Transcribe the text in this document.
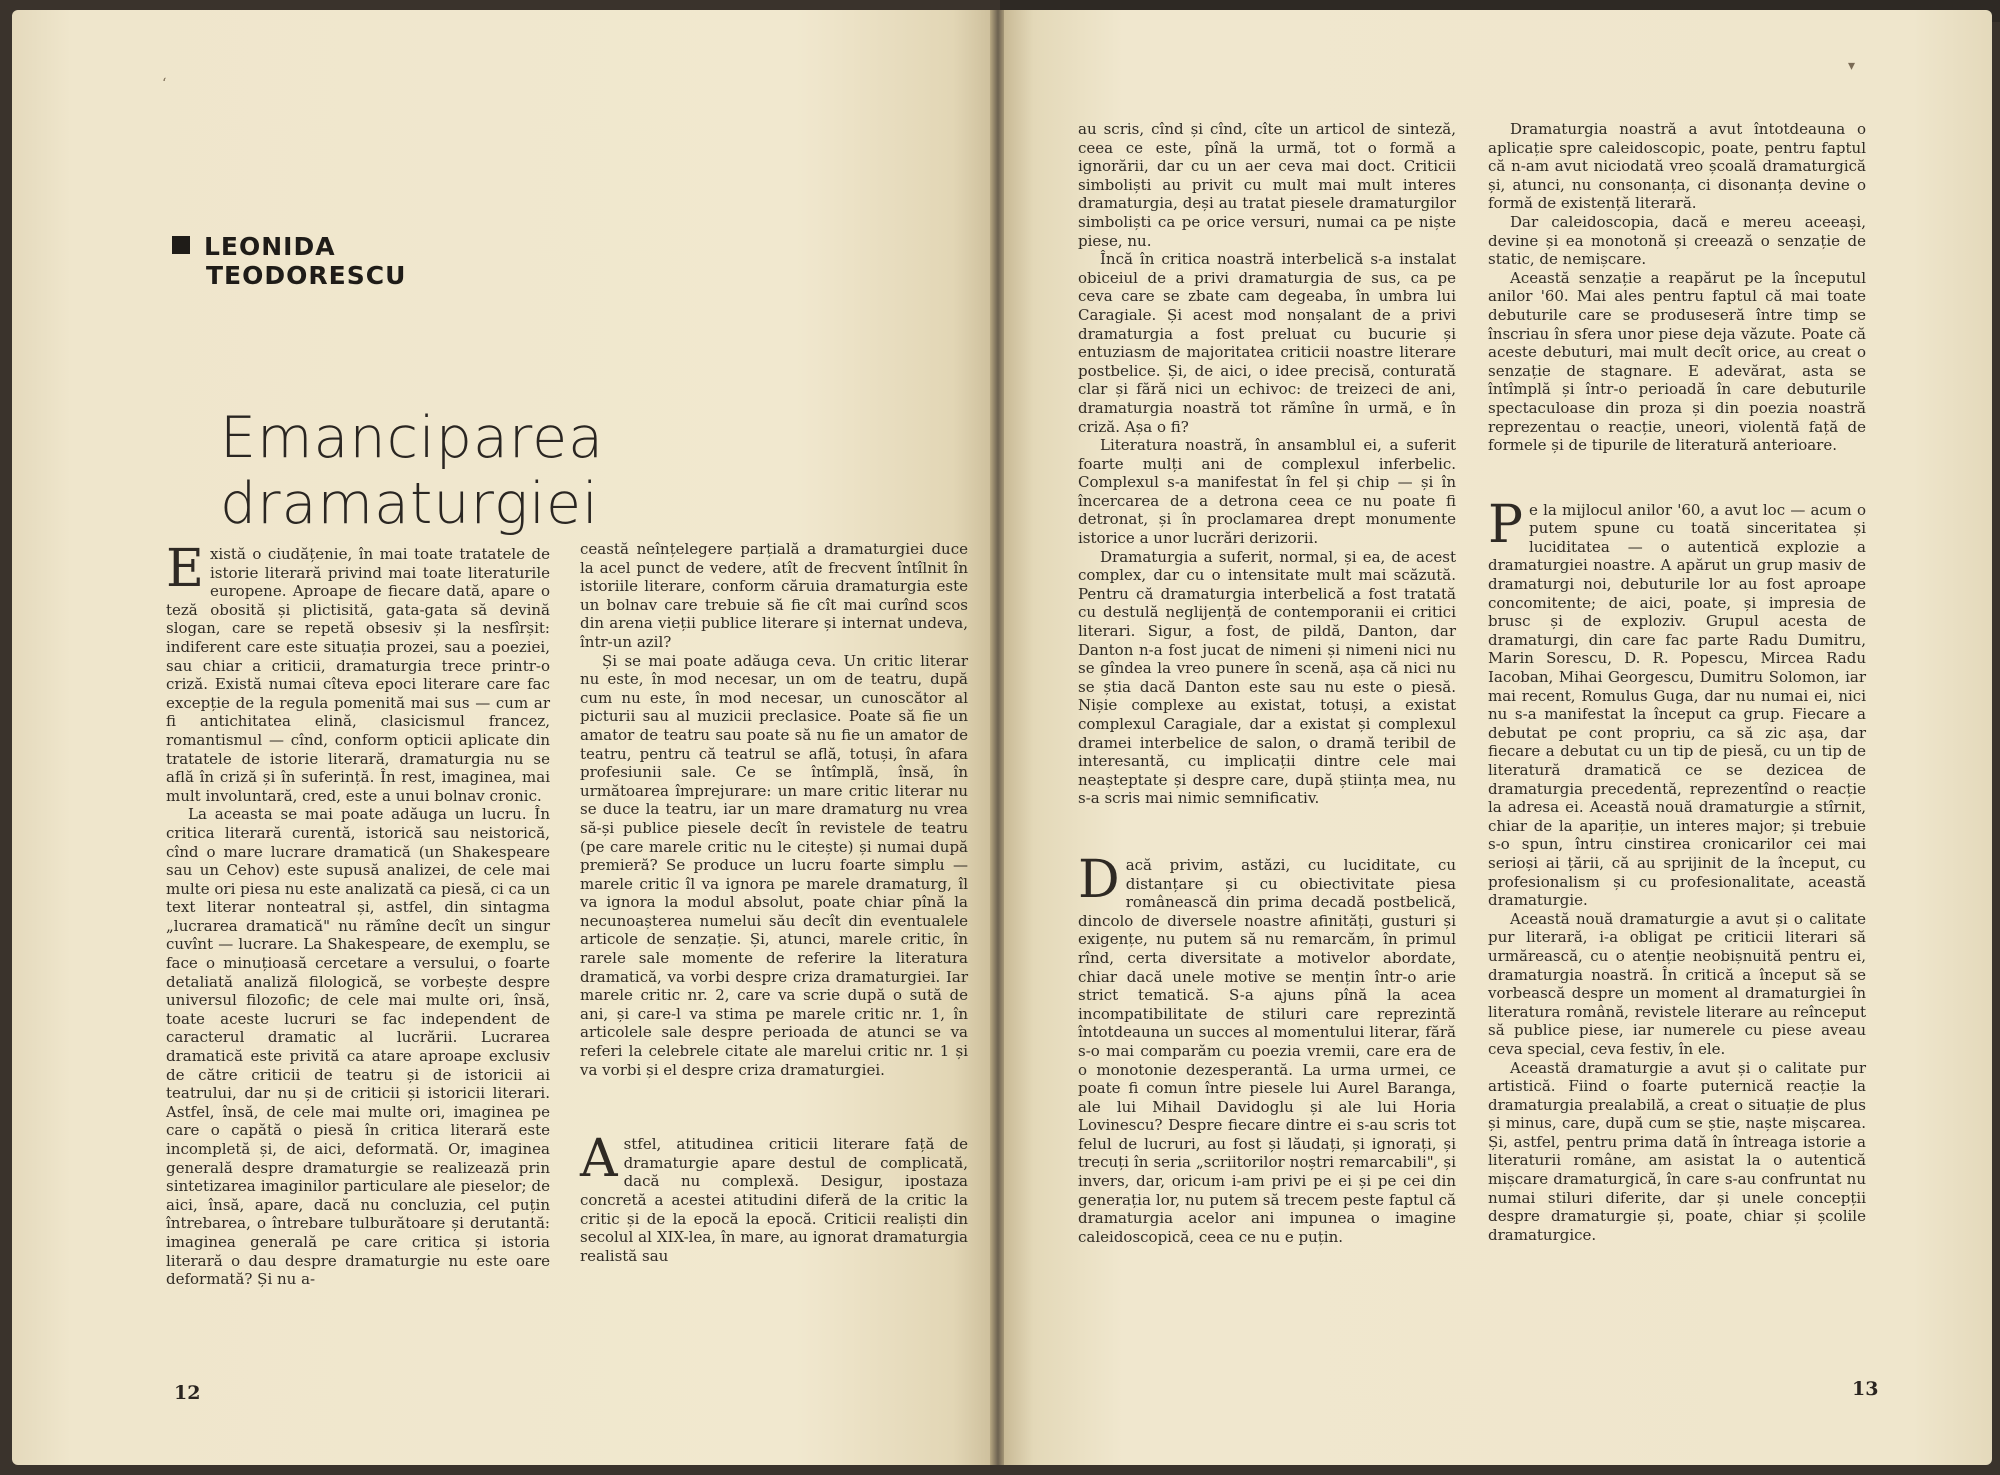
‘
LEONIDA
TEODORESCU
Emanciparea dramaturgiei

Există o ciudățenie, în mai toate tratatele de istorie literară privind mai toate literaturile europene. Aproape de fiecare dată, apare o teză obosită și plictisită, gata-gata să devină slogan, care se repetă obsesiv și la nesfîrșit: indiferent care este situația prozei, sau a poeziei, sau chiar a criticii, dramaturgia trece printr-o criză. Există numai cîteva epoci literare care fac excepție de la regula pomenită mai sus — cum ar fi antichitatea elină, clasicismul francez, romantismul — cînd, conform opticii aplicate din tratatele de istorie literară, dramaturgia nu se află în criză și în suferință. În rest, imaginea, mai mult involuntară, cred, este a unui bolnav cronic.

La aceasta se mai poate adăuga un lucru. În critica literară curentă, istorică sau neistorică, cînd o mare lucrare dramatică (un Shakespeare sau un Cehov) este supusă analizei, de cele mai multe ori piesa nu este analizată ca piesă, ci ca un text literar nonteatral și, astfel, din sintagma „lucrarea dramatică" nu rămîne decît un singur cuvînt — lucrare. La Shakespeare, de exemplu, se face o minuțioasă cercetare a versului, o foarte detaliată analiză filologică, se vorbește despre universul filozofic; de cele mai multe ori, însă, toate aceste lucruri se fac independent de caracterul dramatic al lucrării. Lucrarea dramatică este privită ca atare aproape exclusiv de către criticii de teatru și de istoricii ai teatrului, dar nu și de criticii și istoricii literari. Astfel, însă, de cele mai multe ori, imaginea pe care o capătă o piesă în critica literară este incompletă și, de aici, deformată. Or, imaginea generală despre dramaturgie se realizează prin sintetizarea imaginilor particulare ale pieselor; de aici, însă, apare, dacă nu concluzia, cel puțin întrebarea, o întrebare tulburătoare și derutantă: imaginea generală pe care critica și istoria literară o dau despre dramaturgie nu este oare deformată? Și nu a-

ceastă neînțelegere parțială a dramaturgiei duce la acel punct de vedere, atît de frecvent întîlnit în istoriile literare, conform căruia dramaturgia este un bolnav care trebuie să fie cît mai curînd scos din arena vieții publice literare și internat undeva, într-un azil?

Și se mai poate adăuga ceva. Un critic literar nu este, în mod necesar, un om de teatru, după cum nu este, în mod necesar, un cunoscător al picturii sau al muzicii preclasice. Poate să fie un amator de teatru sau poate să nu fie un amator de teatru, pentru că teatrul se află, totuși, în afara profesiunii sale. Ce se întîmplă, însă, în următoarea împrejurare: un mare critic literar nu se duce la teatru, iar un mare dramaturg nu vrea să-și publice piesele decît în revistele de teatru (pe care marele critic nu le citește) și numai după premieră? Se produce un lucru foarte simplu — marele critic îl va ignora pe marele dramaturg, îl va ignora la modul absolut, poate chiar pînă la necunoașterea numelui său decît din eventualele articole de senzație. Și, atunci, marele critic, în rarele sale momente de referire la literatura dramatică, va vorbi despre criza dramaturgiei. Iar marele critic nr. 2, care va scrie după o sută de ani, și care-l va stima pe marele critic nr. 1, în articolele sale despre perioada de atunci se va referi la celebrele citate ale marelui critic nr. 1 și va vorbi și el despre criza dramaturgiei.

Astfel, atitudinea criticii literare față de dramaturgie apare destul de complicată, dacă nu complexă. Desigur, ipostaza concretă a acestei atitudini diferă de la critic la critic și de la epocă la epocă. Criticii realiști din secolul al XIX-lea, în mare, au ignorat dramaturgia realistă sau

12
▾

au scris, cînd și cînd, cîte un articol de sinteză, ceea ce este, pînă la urmă, tot o formă a ignorării, dar cu un aer ceva mai doct. Criticii simboliști au privit cu mult mai mult interes dramaturgia, deși au tratat piesele dramaturgilor simboliști ca pe orice versuri, numai ca pe niște piese, nu.

Încă în critica noastră interbelică s-a instalat obiceiul de a privi dramaturgia de sus, ca pe ceva care se zbate cam degeaba, în umbra lui Caragiale. Și acest mod nonșalant de a privi dramaturgia a fost preluat cu bucurie și entuziasm de majoritatea criticii noastre literare postbelice. Și, de aici, o idee precisă, conturată clar și fără nici un echivoc: de treizeci de ani, dramaturgia noastră tot rămîne în urmă, e în criză. Așa o fi?

Literatura noastră, în ansamblul ei, a suferit foarte mulți ani de complexul inferbelic. Complexul s-a manifestat în fel și chip — și în încercarea de a detrona ceea ce nu poate fi detronat, și în proclamarea drept monumente istorice a unor lucrări derizorii.

Dramaturgia a suferit, normal, și ea, de acest complex, dar cu o intensitate mult mai scăzută. Pentru că dramaturgia interbelică a fost tratată cu destulă neglijență de contemporanii ei critici literari. Sigur, a fost, de pildă, Danton, dar Danton n-a fost jucat de nimeni și nimeni nici nu se gîndea la vreo punere în scenă, așa că nici nu se știa dacă Danton este sau nu este o piesă. Nișie complexe au existat, totuși, a existat complexul Caragiale, dar a existat și complexul dramei interbelice de salon, o dramă teribil de interesantă, cu implicații dintre cele mai neașteptate și despre care, după știința mea, nu s-a scris mai nimic semnificativ.

Dacă privim, astăzi, cu luciditate, cu distanțare și cu obiectivitate piesa românească din prima decadă postbelică, dincolo de diversele noastre afinități, gusturi și exigențe, nu putem să nu remarcăm, în primul rînd, certa diversitate a motivelor abordate, chiar dacă unele motive se mențin într-o arie strict tematică. S-a ajuns pînă la acea incompatibilitate de stiluri care reprezintă întotdeauna un succes al momentului literar, fără s-o mai comparăm cu poezia vremii, care era de o monotonie dezesperantă. La urma urmei, ce poate fi comun între piesele lui Aurel Baranga, ale lui Mihail Davidoglu și ale lui Horia Lovinescu? Despre fiecare dintre ei s-au scris tot felul de lucruri, au fost și lăudați, și ignorați, și trecuți în seria „scriitorilor noștri remarcabili", și invers, dar, oricum i-am privi pe ei și pe cei din generația lor, nu putem să trecem peste faptul că dramaturgia acelor ani impunea o imagine caleidoscopică, ceea ce nu e puțin.

Dramaturgia noastră a avut întotdeauna o aplicație spre caleidoscopic, poate, pentru faptul că n-am avut niciodată vreo școală dramaturgică și, atunci, nu consonanța, ci disonanța devine o formă de existență literară.

Dar caleidoscopia, dacă e mereu aceeași, devine și ea monotonă și creează o senzație de static, de nemișcare.

Această senzație a reapărut pe la începutul anilor '60. Mai ales pentru faptul că mai toate debuturile care se produseseră între timp se înscriau în sfera unor piese deja văzute. Poate că aceste debuturi, mai mult decît orice, au creat o senzație de stagnare. E adevărat, asta se întîmplă și într-o perioadă în care debuturile spectaculoase din proza și din poezia noastră reprezentau o reacție, uneori, violentă față de formele și de tipurile de literatură anterioare.

Pe la mijlocul anilor '60, a avut loc — acum o putem spune cu toată sinceritatea și luciditatea — o autentică explozie a dramaturgiei noastre. A apărut un grup masiv de dramaturgi noi, debuturile lor au fost aproape concomitente; de aici, poate, și impresia de brusc și de exploziv. Grupul acesta de dramaturgi, din care fac parte Radu Dumitru, Marin Sorescu, D. R. Popescu, Mircea Radu Iacoban, Mihai Georgescu, Dumitru Solomon, iar mai recent, Romulus Guga, dar nu numai ei, nici nu s-a manifestat la început ca grup. Fiecare a debutat pe cont propriu, ca să zic așa, dar fiecare a debutat cu un tip de piesă, cu un tip de literatură dramatică ce se dezicea de dramaturgia precedentă, reprezentînd o reacție la adresa ei. Această nouă dramaturgie a stîrnit, chiar de la apariție, un interes major; și trebuie s-o spun, întru cinstirea cronicarilor cei mai serioși ai țării, că au sprijinit de la început, cu profesionalism și cu profesionalitate, această dramaturgie.

Această nouă dramaturgie a avut și o calitate pur literară, i-a obligat pe criticii literari să urmărească, cu o atenție neobișnuită pentru ei, dramaturgia noastră. În critică a început să se vorbească despre un moment al dramaturgiei în literatura română, revistele literare au reînceput să publice piese, iar numerele cu piese aveau ceva special, ceva festiv, în ele.

Această dramaturgie a avut și o calitate pur artistică. Fiind o foarte puternică reacție la dramaturgia prealabilă, a creat o situație de plus și minus, care, după cum se știe, naște mișcarea. Și, astfel, pentru prima dată în întreaga istorie a literaturii române, am asistat la o autentică mișcare dramaturgică, în care s-au confruntat nu numai stiluri diferite, dar și unele concepții despre dramaturgie și, poate, chiar și școlile dramaturgice.

13
